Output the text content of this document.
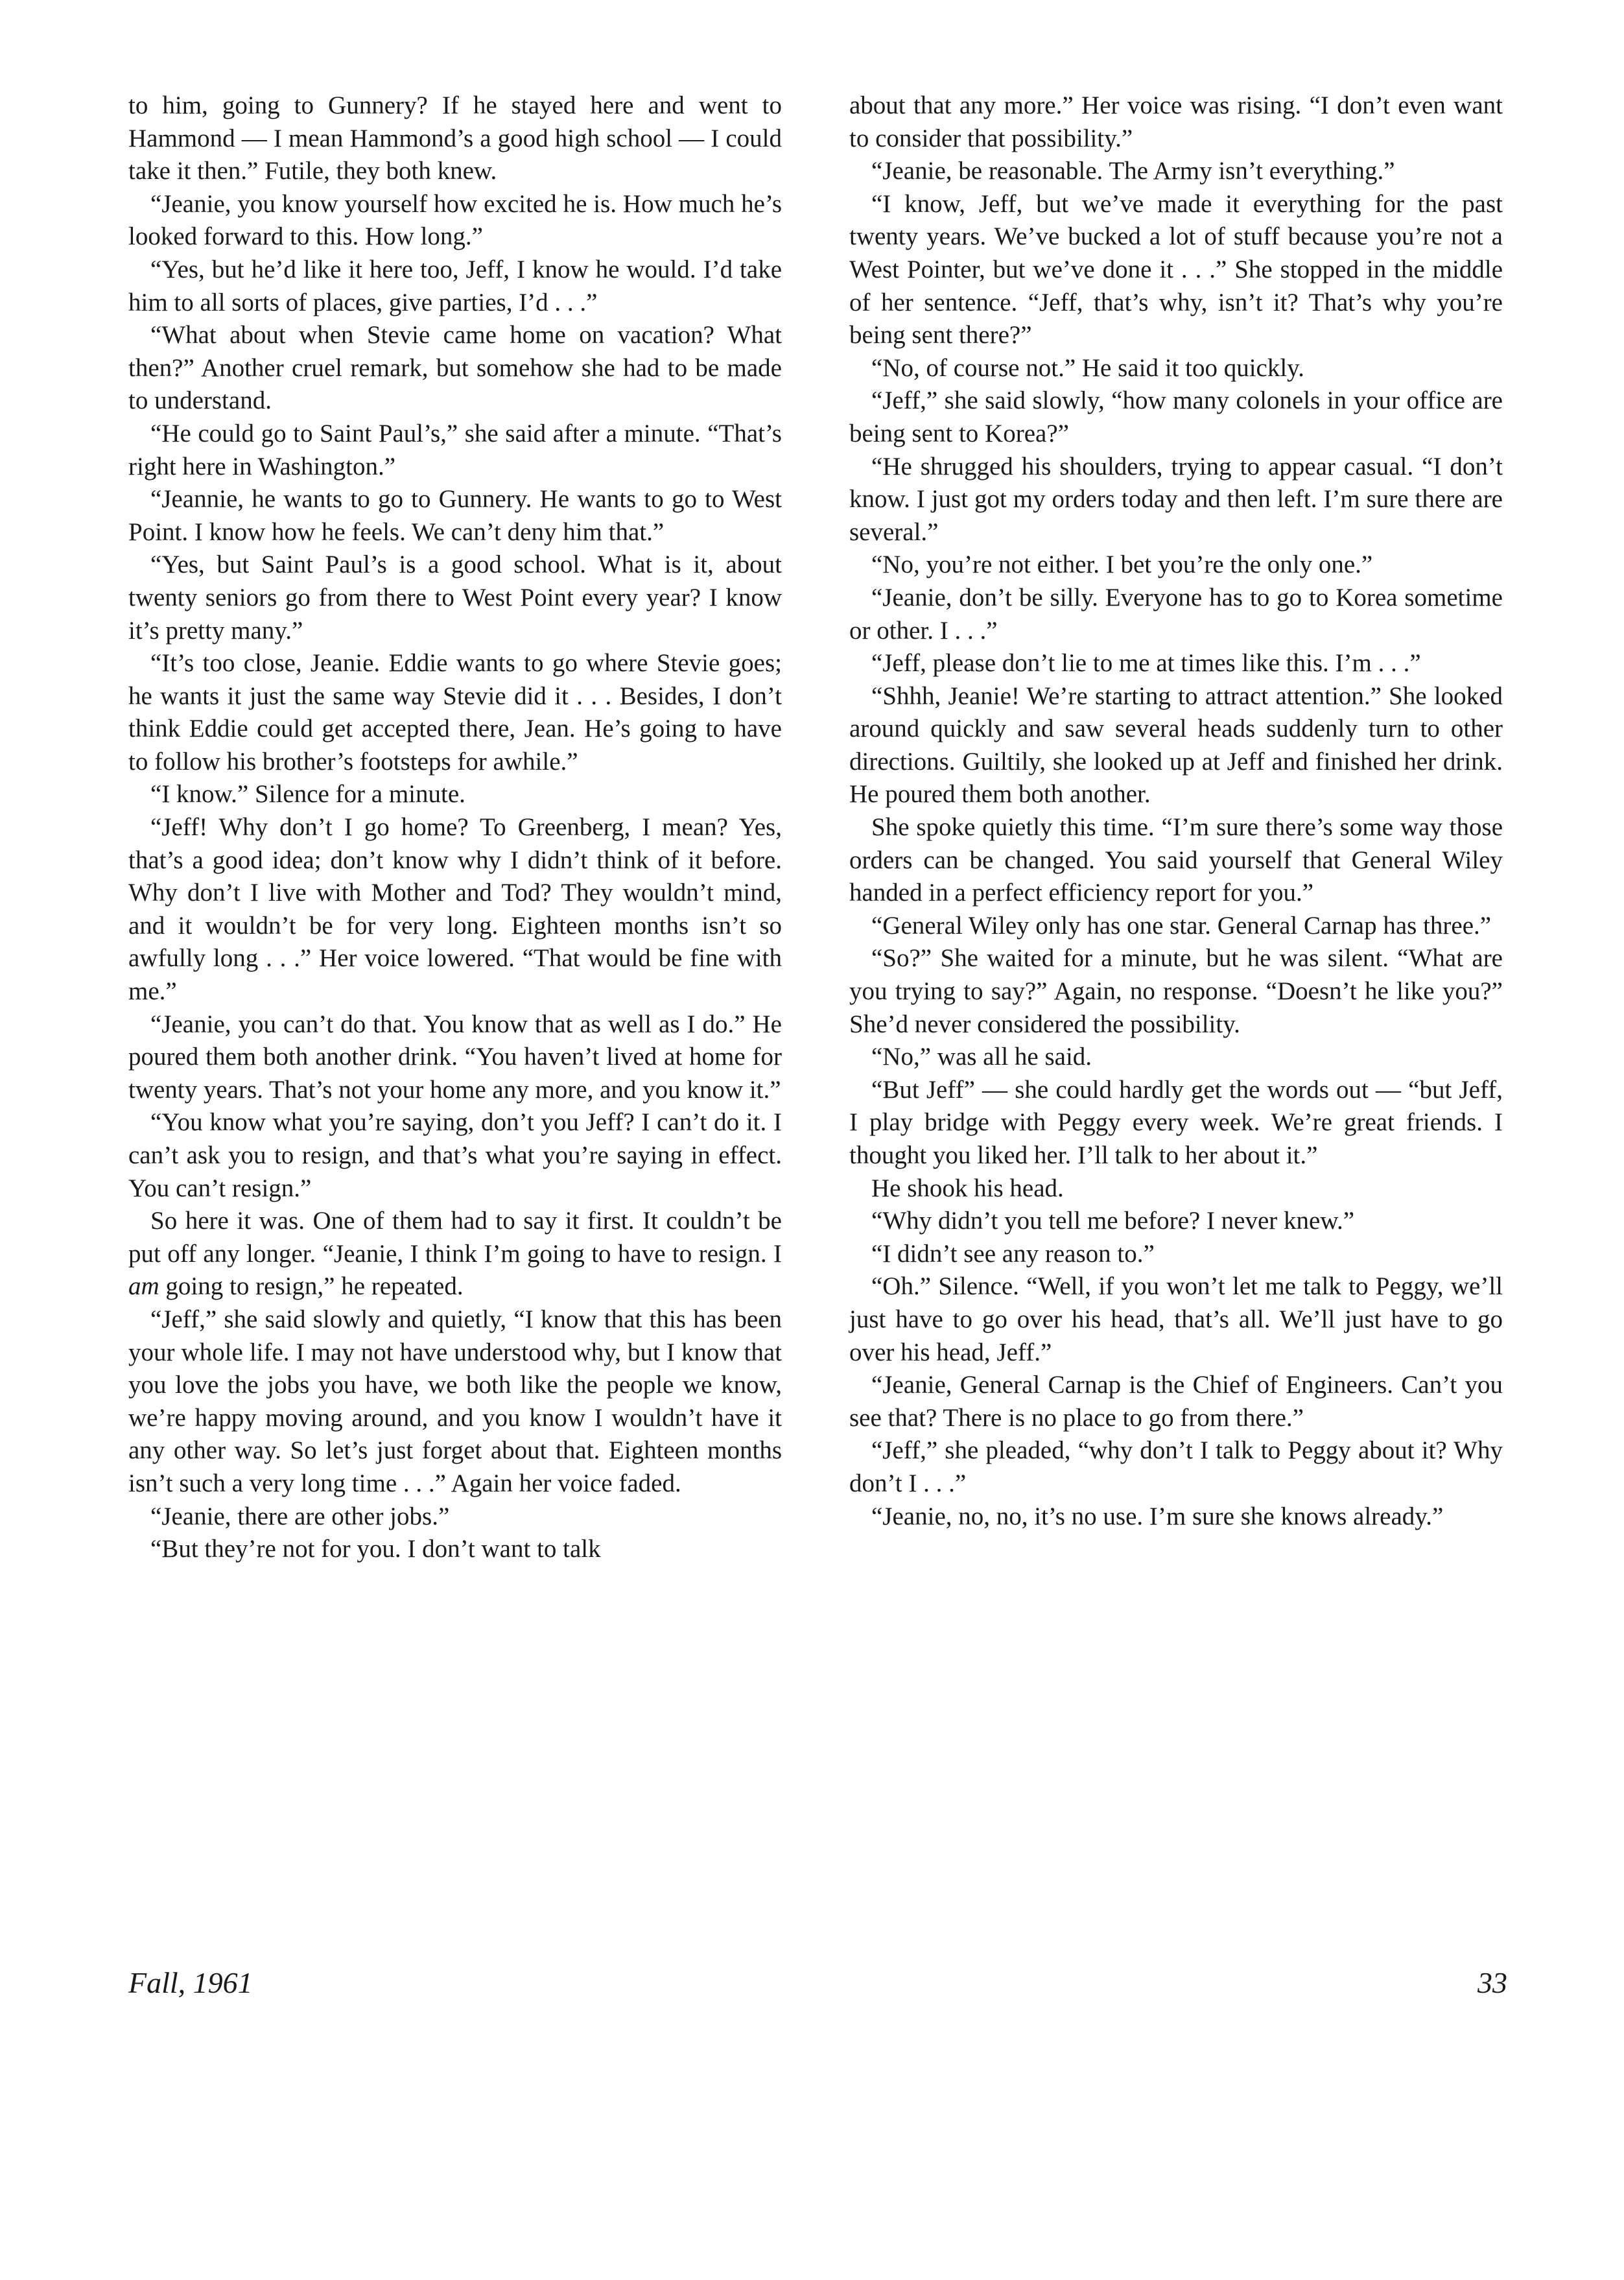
to him, going to Gunnery? If he stayed here and went to Hammond — I mean Hammond’s a good high school — I could take it then.” Futile, they both knew.

“Jeanie, you know yourself how excited he is. How much he’s looked forward to this. How long.”

“Yes, but he’d like it here too, Jeff, I know he would. I’d take him to all sorts of places, give parties, I’d . . .”

“What about when Stevie came home on vacation? What then?” Another cruel remark, but somehow she had to be made to understand.

“He could go to Saint Paul’s,” she said after a minute. “That’s right here in Washington.”

“Jeannie, he wants to go to Gunnery. He wants to go to West Point. I know how he feels. We can’t deny him that.”

“Yes, but Saint Paul’s is a good school. What is it, about twenty seniors go from there to West Point every year? I know it’s pretty many.”

“It’s too close, Jeanie. Eddie wants to go where Stevie goes; he wants it just the same way Stevie did it . . . Besides, I don’t think Eddie could get accepted there, Jean. He’s going to have to follow his brother’s footsteps for awhile.”

“I know.” Silence for a minute.

“Jeff! Why don’t I go home? To Greenberg, I mean? Yes, that’s a good idea; don’t know why I didn’t think of it before. Why don’t I live with Mother and Tod? They wouldn’t mind, and it wouldn’t be for very long. Eighteen months isn’t so awfully long . . .” Her voice lowered. “That would be fine with me.”

“Jeanie, you can’t do that. You know that as well as I do.” He poured them both another drink. “You haven’t lived at home for twenty years. That’s not your home any more, and you know it.”

“You know what you’re saying, don’t you Jeff? I can’t do it. I can’t ask you to resign, and that’s what you’re saying in effect. You can’t resign.”

So here it was. One of them had to say it first. It couldn’t be put off any longer. “Jeanie, I think I’m going to have to resign. I am going to resign,” he repeated.

“Jeff,” she said slowly and quietly, “I know that this has been your whole life. I may not have understood why, but I know that you love the jobs you have, we both like the people we know, we’re happy moving around, and you know I wouldn’t have it any other way. So let’s just forget about that. Eighteen months isn’t such a very long time . . .” Again her voice faded.

“Jeanie, there are other jobs.”

“But they’re not for you. I don’t want to talk

about that any more.” Her voice was rising. “I don’t even want to consider that possibility.”

“Jeanie, be reasonable. The Army isn’t everything.”

“I know, Jeff, but we’ve made it everything for the past twenty years. We’ve bucked a lot of stuff because you’re not a West Pointer, but we’ve done it . . .” She stopped in the middle of her sentence. “Jeff, that’s why, isn’t it? That’s why you’re being sent there?”

“No, of course not.” He said it too quickly.

“Jeff,” she said slowly, “how many colonels in your office are being sent to Korea?”

“He shrugged his shoulders, trying to appear casual. “I don’t know. I just got my orders today and then left. I’m sure there are several.”

“No, you’re not either. I bet you’re the only one.”

“Jeanie, don’t be silly. Everyone has to go to Korea sometime or other. I . . .”

“Jeff, please don’t lie to me at times like this. I’m . . .”

“Shhh, Jeanie! We’re starting to attract attention.” She looked around quickly and saw several heads suddenly turn to other directions. Guiltily, she looked up at Jeff and finished her drink. He poured them both another.

She spoke quietly this time. “I’m sure there’s some way those orders can be changed. You said yourself that General Wiley handed in a perfect efficiency report for you.”

“General Wiley only has one star. General Carnap has three.”

“So?” She waited for a minute, but he was silent. “What are you trying to say?” Again, no response. “Doesn’t he like you?” She’d never considered the possibility.

“No,” was all he said.

“But Jeff” — she could hardly get the words out — “but Jeff, I play bridge with Peggy every week. We’re great friends. I thought you liked her. I’ll talk to her about it.”

He shook his head.

“Why didn’t you tell me before? I never knew.”

“I didn’t see any reason to.”

“Oh.” Silence. “Well, if you won’t let me talk to Peggy, we’ll just have to go over his head, that’s all. We’ll just have to go over his head, Jeff.”

“Jeanie, General Carnap is the Chief of Engineers. Can’t you see that? There is no place to go from there.”

“Jeff,” she pleaded, “why don’t I talk to Peggy about it? Why don’t I . . .”

“Jeanie, no, no, it’s no use. I’m sure she knows already.”

Fall, 1961	33
